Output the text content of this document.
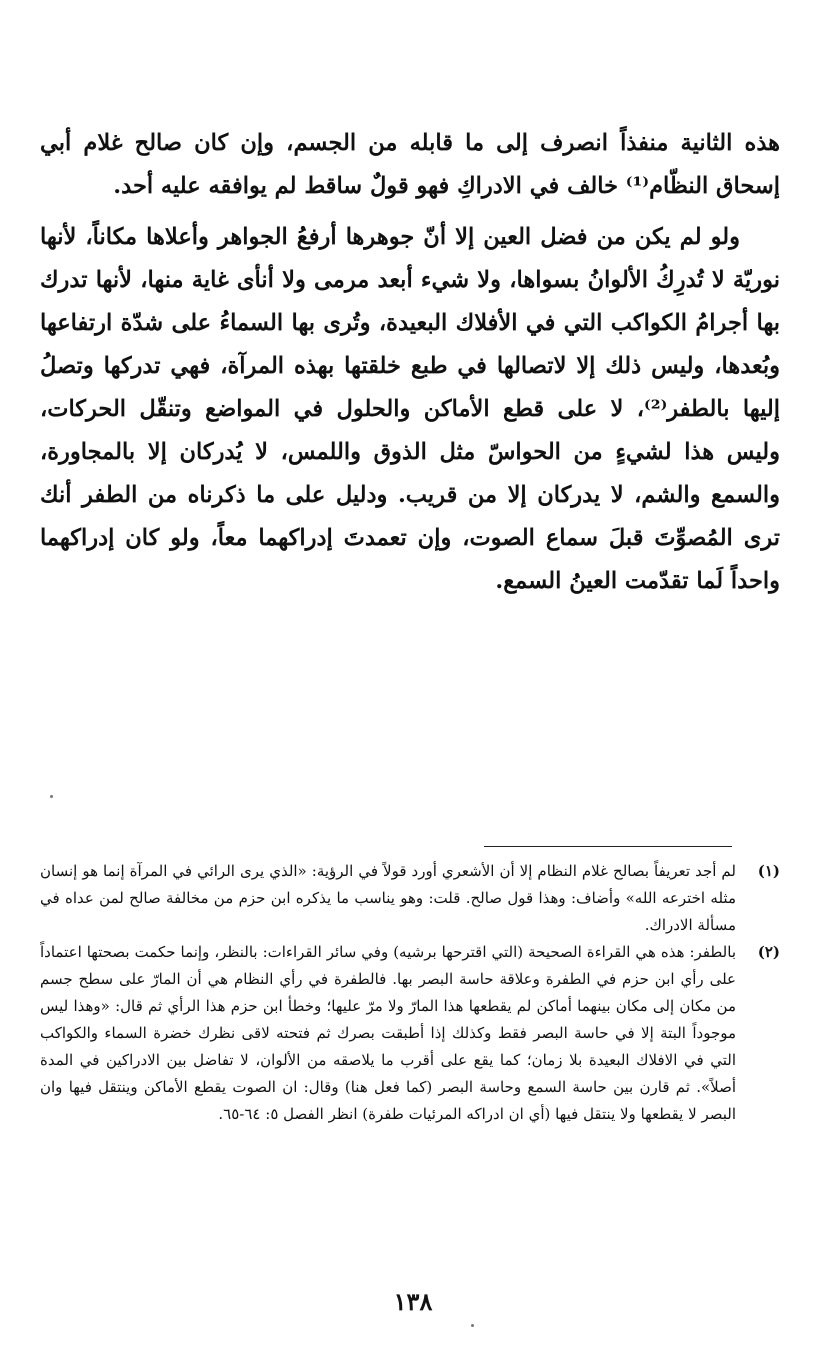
هذه الثانية منفذاً انصرف إلى ما قابله من الجسم، وإن كان صالح غلام أبي إسحاق النظّام⁽¹⁾ خالف في الادراكِ فهو قولٌ ساقط لم يوافقه عليه أحد.

ولو لم يكن من فضل العين إلا أنّ جوهرها أرفعُ الجواهر وأعلاها مكاناً، لأنها نوريّة لا تُدرِكُ الألوانُ بسواها، ولا شيء أبعد مرمى ولا أنأى غاية منها، لأنها تدرك بها أجرامُ الكواكب التي في الأفلاك البعيدة، وتُرى بها السماءُ على شدّة ارتفاعها وبُعدها، وليس ذلك إلا لاتصالها في طبع خلقتها بهذه المرآة، فهي تدركها وتصلُ إليها بالطفر⁽²⁾، لا على قطع الأماكن والحلول في المواضع وتنقّل الحركات، وليس هذا لشيءٍ من الحواسّ مثل الذوق واللمس، لا يُدركان إلا بالمجاورة، والسمع والشم، لا يدركان إلا من قريب. ودليل على ما ذكرناه من الطفر أنك ترى المُصوِّتَ قبلَ سماع الصوت، وإن تعمدتَ إدراكهما معاً، ولو كان إدراكهما واحداً لَما تقدّمت العينُ السمع.

(١)
لم أجد تعريفاً بصالح غلام النظام إلا أن الأشعري أورد قولاً في الرؤية: «الذي يرى الرائي في المرآة إنما هو إنسان مثله اخترعه الله» وأضاف: وهذا قول صالح. قلت: وهو يناسب ما يذكره ابن حزم من مخالفة صالح لمن عداه في مسألة الادراك.
(٢)
بالطفر: هذه هي القراءة الصحيحة (التي اقترحها برشيه) وفي سائر القراءات: بالنظر، وإنما حكمت بصحتها اعتماداً على رأي ابن حزم في الطفرة وعلاقة حاسة البصر بها. فالطفرة في رأي النظام هي أن المارّ على سطح جسم من مكان إلى مكان بينهما أماكن لم يقطعها هذا المارّ ولا مرّ عليها؛ وخطأ ابن حزم هذا الرأي ثم قال: «وهذا ليس موجوداً البتة إلا في حاسة البصر فقط وكذلك إذا أطبقت بصرك ثم فتحته لاقى نظرك خضرة السماء والكواكب التي في الافلاك البعيدة بلا زمان؛ كما يقع على أقرب ما يلاصقه من الألوان، لا تفاضل بين الادراكين في المدة أصلاً». ثم قارن بين حاسة السمع وحاسة البصر (كما فعل هنا) وقال: ان الصوت يقطع الأماكن وينتقل فيها وان البصر لا يقطعها ولا ينتقل فيها (أي ان ادراكه المرئيات طفرة) انظر الفصل ٥: ٦٤-٦٥.
١٣٨
